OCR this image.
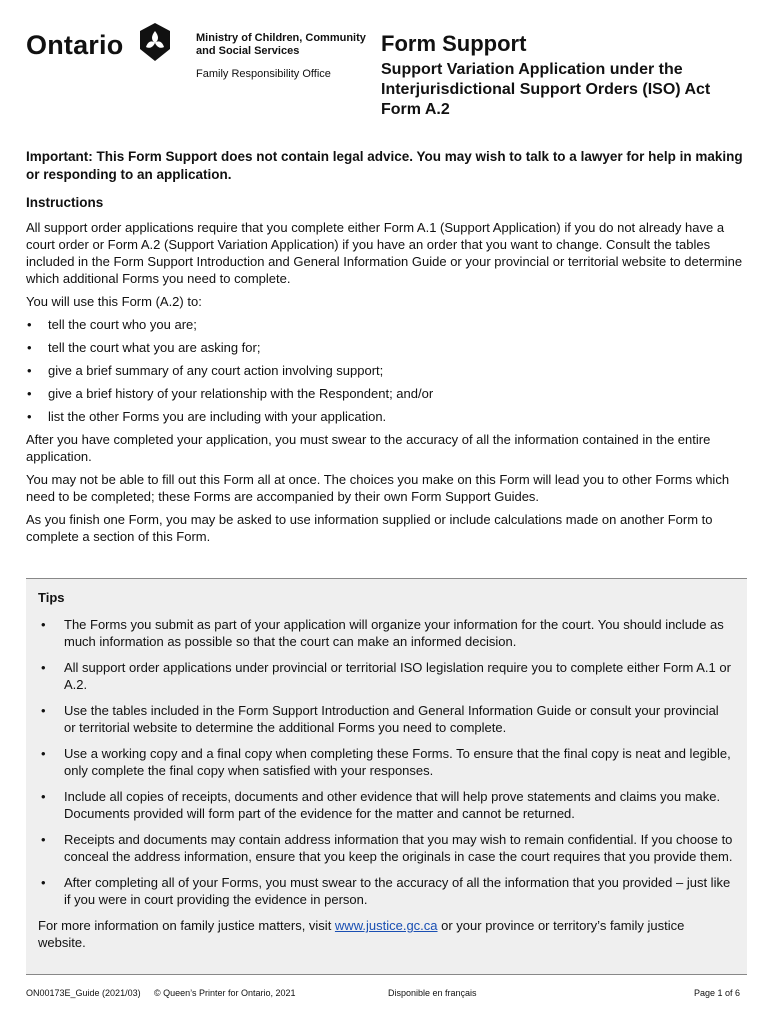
Ontario	Ministry of Children, Community and Social Services
Family Responsibility Office
Form Support
Support Variation Application under the Interjurisdictional Support Orders (ISO) Act Form A.2

Important: This Form Support does not contain legal advice. You may wish to talk to a lawyer for help in making or responding to an application.

Instructions

All support order applications require that you complete either Form A.1 (Support Application) if you do not already have a court order or Form A.2 (Support Variation Application) if you have an order that you want to change. Consult the tables included in the Form Support Introduction and General Information Guide or your provincial or territorial website to determine which additional Forms you need to complete.

You will use this Form (A.2) to:

• tell the court who you are;
• tell the court what you are asking for;
• give a brief summary of any court action involving support;
• give a brief history of your relationship with the Respondent; and/or
• list the other Forms you are including with your application.

After you have completed your application, you must swear to the accuracy of all the information contained in the entire application.

You may not be able to fill out this Form all at once. The choices you make on this Form will lead you to other Forms which need to be completed; these Forms are accompanied by their own Form Support Guides.

As you finish one Form, you may be asked to use information supplied or include calculations made on another Form to complete a section of this Form.

Tips
• The Forms you submit as part of your application will organize your information for the court. You should include as much information as possible so that the court can make an informed decision.
• All support order applications under provincial or territorial ISO legislation require you to complete either Form A.1 or A.2.
• Use the tables included in the Form Support Introduction and General Information Guide or consult your provincial or territorial website to determine the additional Forms you need to complete.
• Use a working copy and a final copy when completing these Forms. To ensure that the final copy is neat and legible, only complete the final copy when satisfied with your responses.
• Include all copies of receipts, documents and other evidence that will help prove statements and claims you make. Documents provided will form part of the evidence for the matter and cannot be returned.
• Receipts and documents may contain address information that you may wish to remain confidential. If you choose to conceal the address information, ensure that you keep the originals in case the court requires that you provide them.
• After completing all of your Forms, you must swear to the accuracy of all the information that you provided – just like if you were in court providing the evidence in person.

For more information on family justice matters, visit www.justice.gc.ca or your province or territory’s family justice website.

ON00173E_Guide (2021/03) © Queen’s Printer for Ontario, 2021	Disponible en français	Page 1 of 6
